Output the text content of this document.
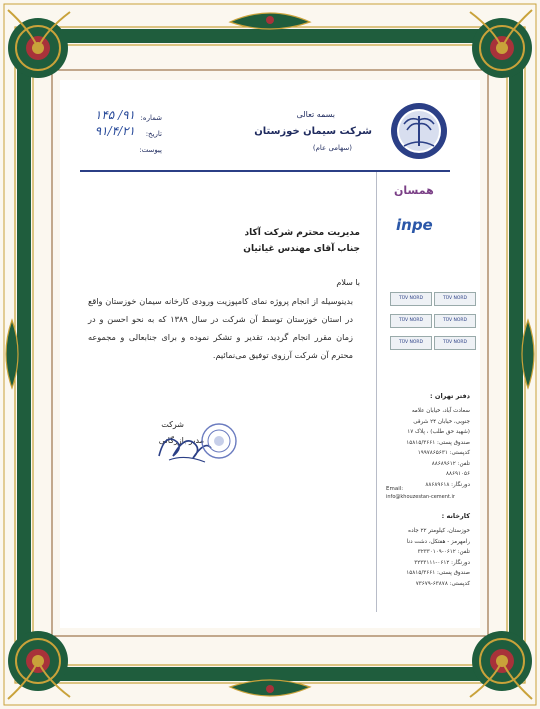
بسمه تعالی
شرکت سیمان خوزستان
(سهامی عام)
شماره:
۹۱/ ۱۴۵
تاریخ:
۹۱/۴/۲۱
پیوست:
مدیریت محترم شرکت آکاد
جناب آقای مهندس غیاثیان
با سلام
بدینوسیله از انجام پروژه نمای کامپوزیت ورودی کارخانه سیمان خوزستان واقع در استان خوزستان توسط آن شرکت در سال ۱۳۸۹ که به نحو احسن و در زمان مقرر انجام گردید، تقدیر و تشکر نموده و برای جنابعالی و مجموعه محترم آن شرکت آرزوی توفیق می‌نمائیم.
شرکت
مدیر بازرگانی
همسان
inpe
TÜV NORD	TÜV NORD
TÜV NORD	TÜV NORD
TÜV NORD	TÜV NORD
دفتر تهران :
سعادت آباد، خیابان علامه
جنوبی، خیابان ۲۴ شرقی
(شهید حق طلب) ، پلاک ۱۷
صندوق پستی: ۱۵۸۱۵/۳۶۶۱
کدپستی: ۱۹۹۷۸۶۵۶۳۱
تلفن: ۸۸۶۸۹۶۱۲
۸۸۶۹۱۰۵۶
دورنگار: ۸۸۶۸۹۶۱۸
Email:
info@khouzestan-cement.ir
کارخانه :
خوزستان، کیلومتر ۲۲ جاده
رامهرمز - هفتکل، دشت دنا
تلفن: ۰۶۱۲-۳۲۳۳۰۱۰۹
دورنگار: ۰۶۱۲-۳۲۳۳۱۱۱
صندوق پستی: ۱۵۸۱۵/۳۶۶۱
کدپستی: ۶۳۸۷۸-۷۳۶۷۹
